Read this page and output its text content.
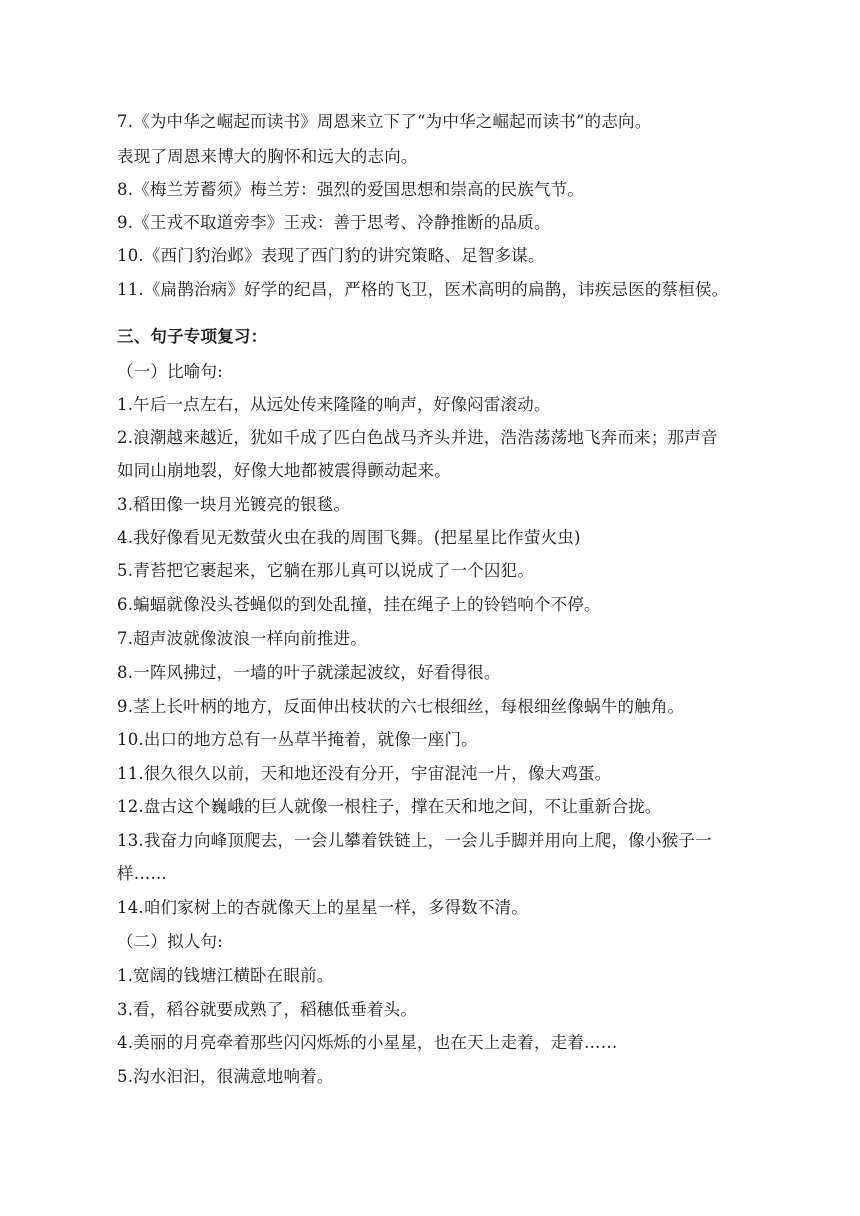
7.《为中华之崛起而读书》周恩来立下了“为中华之崛起而读书”的志向。
表现了周恩来博大的胸怀和远大的志向。
8.《梅兰芳蓄须》梅兰芳：强烈的爱国思想和崇高的民族气节。
9.《王戎不取道旁李》王戎：善于思考、冷静推断的品质。
10.《西门豹治邺》表现了西门豹的讲究策略、足智多谋。
11.《扁鹊治病》好学的纪昌，严格的飞卫，医术高明的扁鹊，讳疾忌医的蔡桓侯。
三、句子专项复习：
（一）比喻句:
1.午后一点左右，从远处传来隆隆的响声，好像闷雷滚动。
2.浪潮越来越近，犹如千成了匹白色战马齐头并进，浩浩荡荡地飞奔而来；那声音
如同山崩地裂，好像大地都被震得颤动起来。
3.稻田像一块月光镀亮的银毯。
4.我好像看见无数萤火虫在我的周围飞舞。(把星星比作萤火虫)
5.青苔把它裹起来，它躺在那儿真可以说成了一个囚犯。
6.蝙蝠就像没头苍蝇似的到处乱撞，挂在绳子上的铃铛响个不停。
7.超声波就像波浪一样向前推进。
8.一阵风拂过，一墙的叶子就漾起波纹，好看得很。
9.茎上长叶柄的地方，反面伸出枝状的六七根细丝，每根细丝像蜗牛的触角。
10.出口的地方总有一丛草半掩着，就像一座门。
11.很久很久以前，天和地还没有分开，宇宙混沌一片，像大鸡蛋。
12.盘古这个巍峨的巨人就像一根柱子，撑在天和地之间，不让重新合拢。
13.我奋力向峰顶爬去，一会儿攀着铁链上，一会儿手脚并用向上爬，像小猴子一
样……
14.咱们家树上的杏就像天上的星星一样，多得数不清。
（二）拟人句:
1.宽阔的钱塘江横卧在眼前。
3.看，稻谷就要成熟了，稻穗低垂着头。
4.美丽的月亮牵着那些闪闪烁烁的小星星，也在天上走着，走着……
5.沟水汩汩，很满意地响着。
